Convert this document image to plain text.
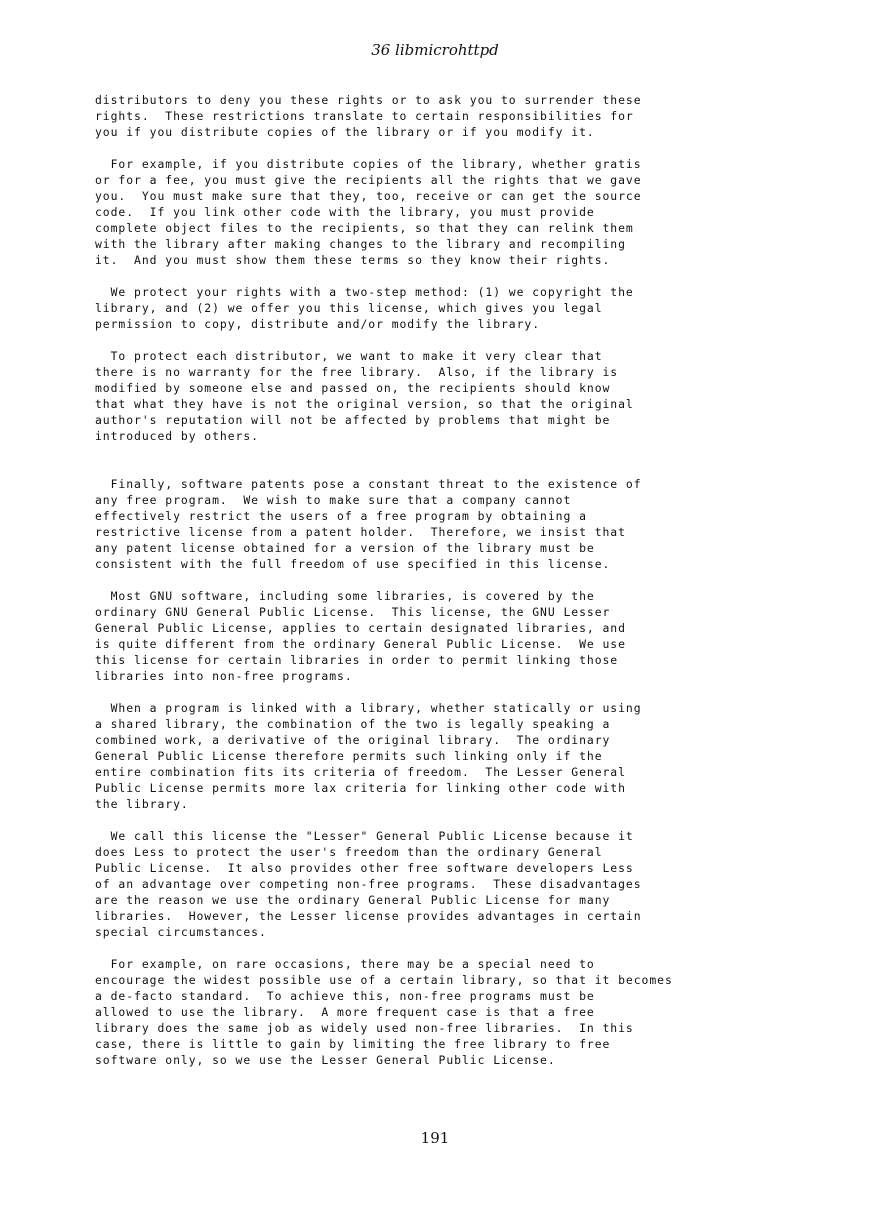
36 libmicrohttpd

distributors to deny you these rights or to ask you to surrender these
rights.  These restrictions translate to certain responsibilities for
you if you distribute copies of the library or if you modify it.

For example, if you distribute copies of the library, whether gratis
or for a fee, you must give the recipients all the rights that we gave
you.  You must make sure that they, too, receive or can get the source
code.  If you link other code with the library, you must provide
complete object files to the recipients, so that they can relink them
with the library after making changes to the library and recompiling
it.  And you must show them these terms so they know their rights.

We protect your rights with a two-step method: (1) we copyright the
library, and (2) we offer you this license, which gives you legal
permission to copy, distribute and/or modify the library.

To protect each distributor, we want to make it very clear that
there is no warranty for the free library.  Also, if the library is
modified by someone else and passed on, the recipients should know
that what they have is not the original version, so that the original
author's reputation will not be affected by problems that might be
introduced by others.

Finally, software patents pose a constant threat to the existence of
any free program.  We wish to make sure that a company cannot
effectively restrict the users of a free program by obtaining a
restrictive license from a patent holder.  Therefore, we insist that
any patent license obtained for a version of the library must be
consistent with the full freedom of use specified in this license.

Most GNU software, including some libraries, is covered by the
ordinary GNU General Public License.  This license, the GNU Lesser
General Public License, applies to certain designated libraries, and
is quite different from the ordinary General Public License.  We use
this license for certain libraries in order to permit linking those
libraries into non-free programs.

When a program is linked with a library, whether statically or using
a shared library, the combination of the two is legally speaking a
combined work, a derivative of the original library.  The ordinary
General Public License therefore permits such linking only if the
entire combination fits its criteria of freedom.  The Lesser General
Public License permits more lax criteria for linking other code with
the library.

We call this license the "Lesser" General Public License because it
does Less to protect the user's freedom than the ordinary General
Public License.  It also provides other free software developers Less
of an advantage over competing non-free programs.  These disadvantages
are the reason we use the ordinary General Public License for many
libraries.  However, the Lesser license provides advantages in certain
special circumstances.

For example, on rare occasions, there may be a special need to
encourage the widest possible use of a certain library, so that it becomes
a de-facto standard.  To achieve this, non-free programs must be
allowed to use the library.  A more frequent case is that a free
library does the same job as widely used non-free libraries.  In this
case, there is little to gain by limiting the free library to free
software only, so we use the Lesser General Public License.

191
